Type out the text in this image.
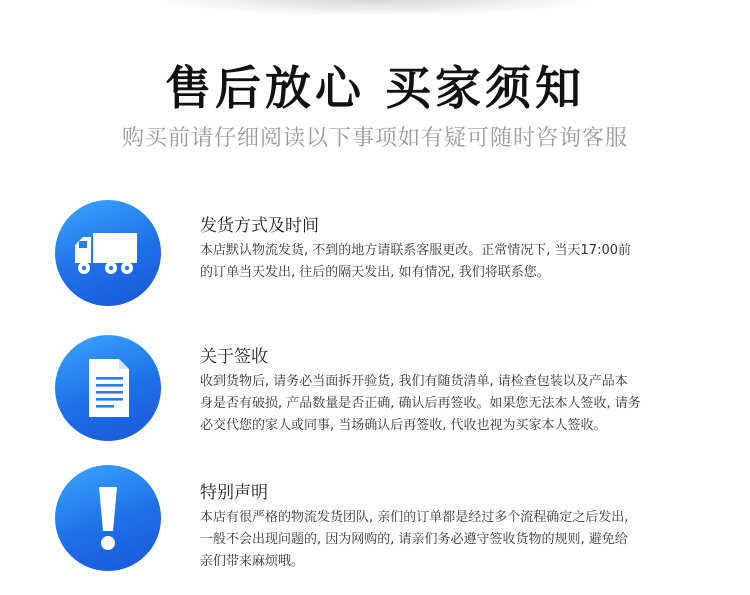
售后放心 买家须知
购买前请仔细阅读以下事项如有疑可随时咨询客服
发货方式及时间
本店默认物流发货, 不到的地方请联系客服更改。正常情况下, 当天17:00前
的订单当天发出, 往后的隔天发出, 如有情况, 我们将联系您。
关于签收
收到货物后, 请务必当面拆开验货, 我们有随货清单, 请检查包装以及产品本
身是否有破损, 产品数量是否正确, 确认后再签收。如果您无法本人签收, 请务
必交代您的家人或同事, 当场确认后再签收, 代收也视为买家本人签收。
特别声明
本店有很严格的物流发货团队, 亲们的订单都是经过多个流程确定之后发出,
一般不会出现问题的, 因为网购的, 请亲们务必遵守签收货物的规则, 避免给
亲们带来麻烦哦。
